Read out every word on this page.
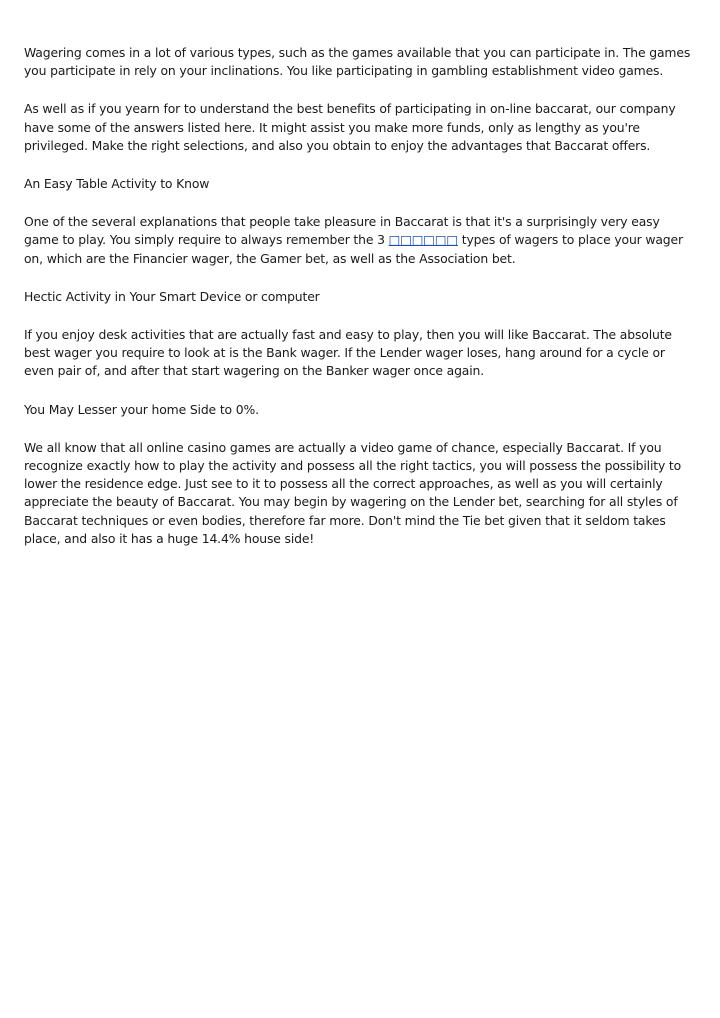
Wagering comes in a lot of various types, such as the games available that you can participate in. The games you participate in rely on your inclinations. You like participating in gambling establishment video games.

As well as if you yearn for to understand the best benefits of participating in on-line baccarat, our company have some of the answers listed here. It might assist you make more funds, only as lengthy as you're privileged. Make the right selections, and also you obtain to enjoy the advantages that Baccarat offers.

An Easy Table Activity to Know

One of the several explanations that people take pleasure in Baccarat is that it's a surprisingly very easy game to play. You simply require to always remember the 3 □□□□□□ types of wagers to place your wager on, which are the Financier wager, the Gamer bet, as well as the Association bet.

Hectic Activity in Your Smart Device or computer

If you enjoy desk activities that are actually fast and easy to play, then you will like Baccarat. The absolute best wager you require to look at is the Bank wager. If the Lender wager loses, hang around for a cycle or even pair of, and after that start wagering on the Banker wager once again.

You May Lesser your home Side to 0%.

We all know that all online casino games are actually a video game of chance, especially Baccarat. If you recognize exactly how to play the activity and possess all the right tactics, you will possess the possibility to lower the residence edge. Just see to it to possess all the correct approaches, as well as you will certainly appreciate the beauty of Baccarat. You may begin by wagering on the Lender bet, searching for all styles of Baccarat techniques or even bodies, therefore far more. Don't mind the Tie bet given that it seldom takes place, and also it has a huge 14.4% house side!
